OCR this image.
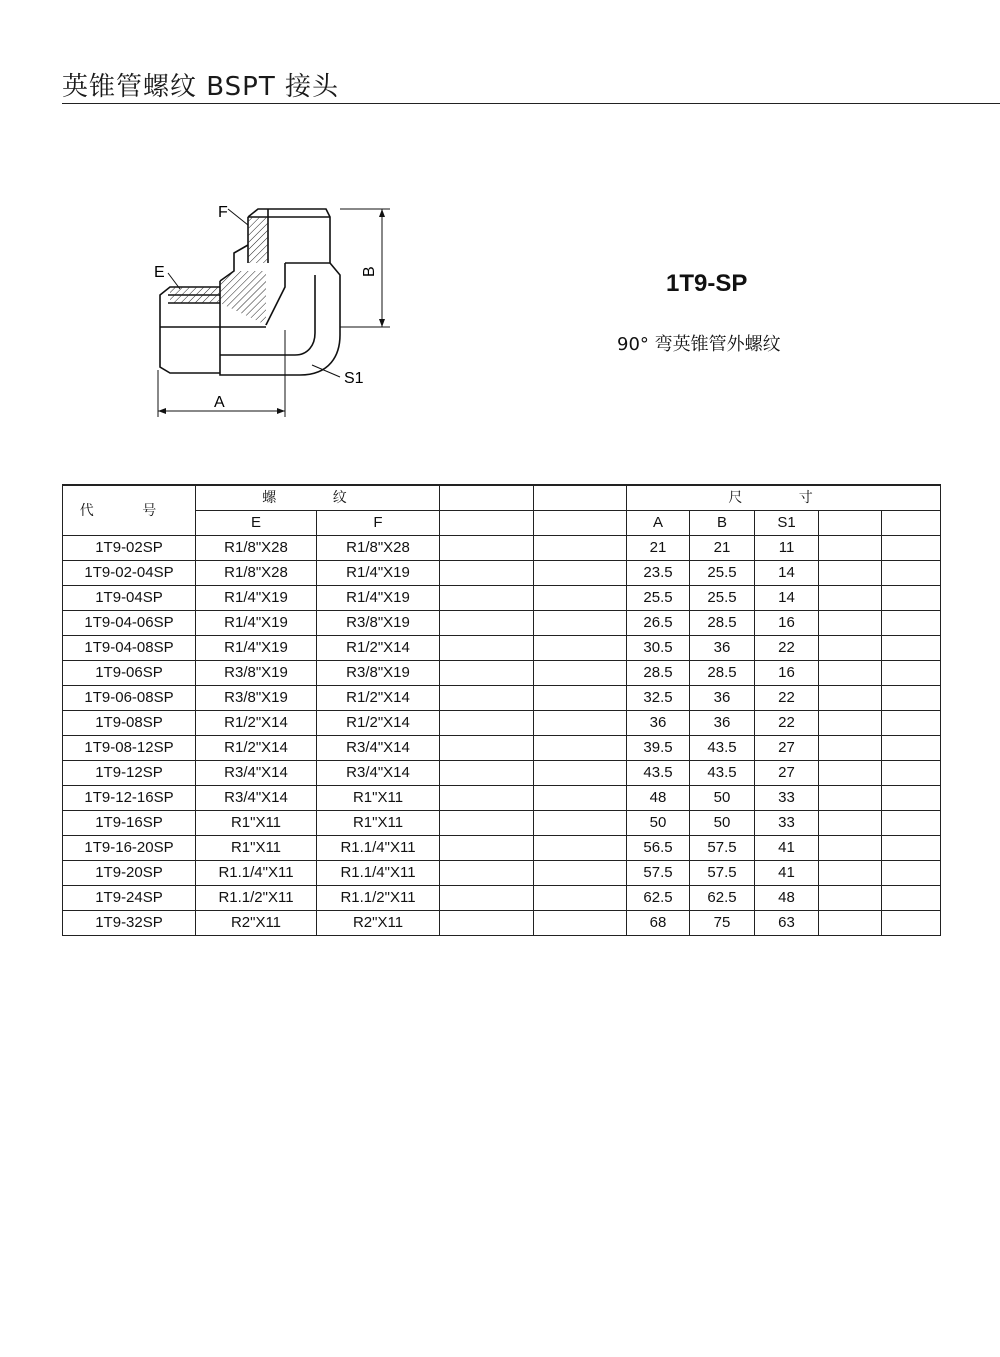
英锥管螺纹 BSPT 接头
F
E	B
S1
A
1T9-SP
90° 弯英锥管外螺纹
代 号	螺 纹				尺 寸				
	E	F			A	B	S1		
1T9-02SP	R1/8"X28	R1/8"X28			21	21	11		
1T9-02-04SP	R1/8"X28	R1/4"X19			23.5	25.5	14		
1T9-04SP	R1/4"X19	R1/4"X19			25.5	25.5	14		
1T9-04-06SP	R1/4"X19	R3/8"X19			26.5	28.5	16		
1T9-04-08SP	R1/4"X19	R1/2"X14			30.5	36	22		
1T9-06SP	R3/8"X19	R3/8"X19			28.5	28.5	16		
1T9-06-08SP	R3/8"X19	R1/2"X14			32.5	36	22		
1T9-08SP	R1/2"X14	R1/2"X14			36	36	22		
1T9-08-12SP	R1/2"X14	R3/4"X14			39.5	43.5	27		
1T9-12SP	R3/4"X14	R3/4"X14			43.5	43.5	27		
1T9-12-16SP	R3/4"X14	R1"X11			48	50	33		
1T9-16SP	R1"X11	R1"X11			50	50	33		
1T9-16-20SP	R1"X11	R1.1/4"X11			56.5	57.5	41		
1T9-20SP	R1.1/4"X11	R1.1/4"X11			57.5	57.5	41		
1T9-24SP	R1.1/2"X11	R1.1/2"X11			62.5	62.5	48		
1T9-32SP	R2"X11	R2"X11			68	75	63		
